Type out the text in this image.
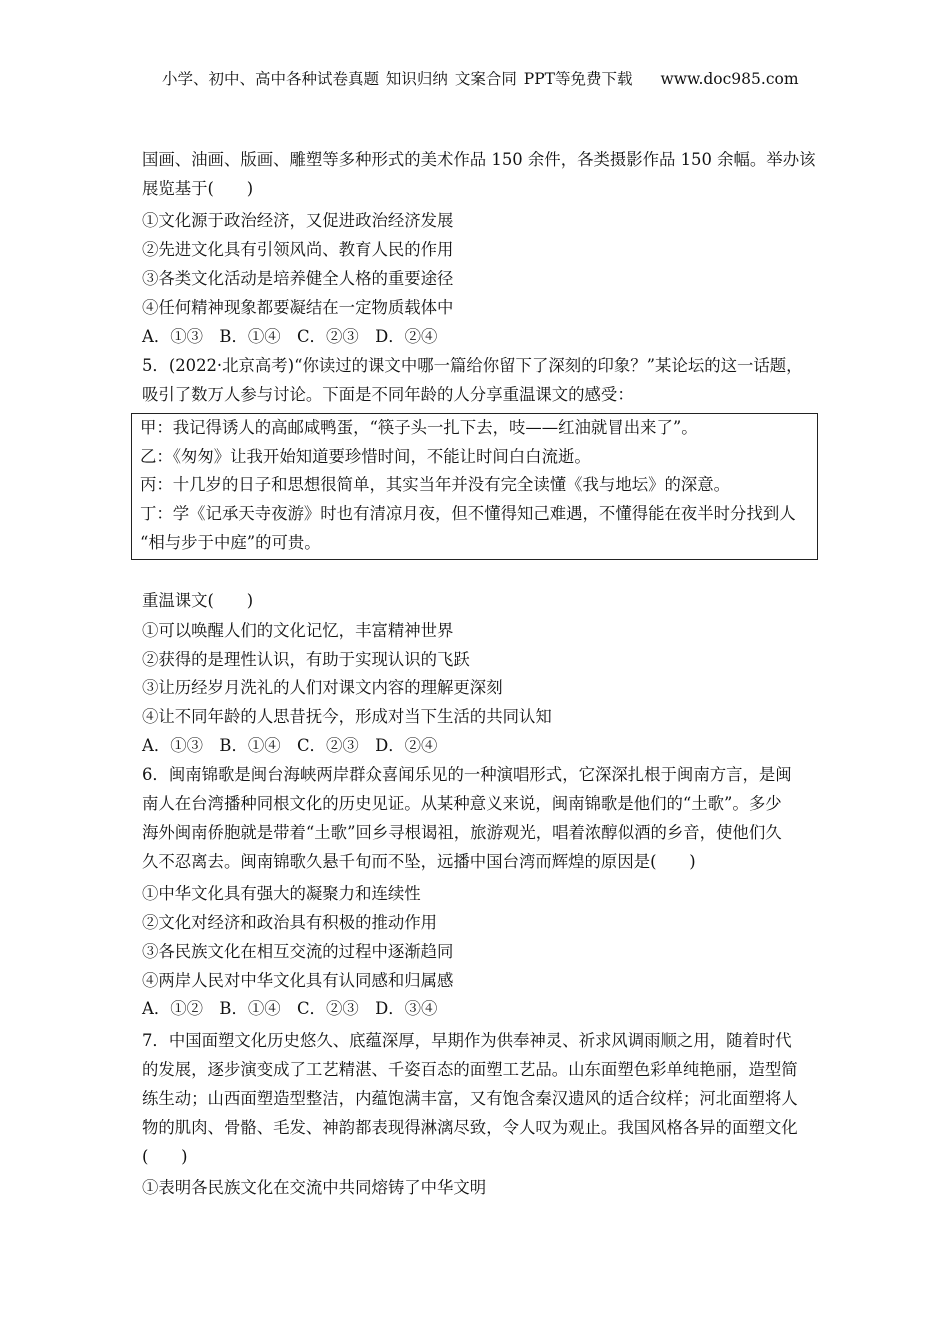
小学、初中、高中各种试卷真题 知识归纳 文案合同 PPT等免费下载 www.doc985.com
国画、油画、版画、雕塑等多种形式的美术作品 150 余件，各类摄影作品 150 余幅。举办该
展览基于(　　)
①文化源于政治经济，又促进政治经济发展
②先进文化具有引领风尚、教育人民的作用
③各类文化活动是培养健全人格的重要途径
④任何精神现象都要凝结在一定物质载体中
A．①③　B．①④　C．②③　D．②④
5．(2022·北京高考)“你读过的课文中哪一篇给你留下了深刻的印象？”某论坛的这一话题，
吸引了数万人参与讨论。下面是不同年龄的人分享重温课文的感受：
甲：我记得诱人的高邮咸鸭蛋，“筷子头一扎下去，吱——红油就冒出来了”。
乙：《匆匆》让我开始知道要珍惜时间，不能让时间白白流逝。
丙：十几岁的日子和思想很简单，其实当年并没有完全读懂《我与地坛》的深意。
丁：学《记承天寺夜游》时也有清凉月夜，但不懂得知己难遇，不懂得能在夜半时分找到人
“相与步于中庭”的可贵。
重温课文(　　)
①可以唤醒人们的文化记忆，丰富精神世界
②获得的是理性认识，有助于实现认识的飞跃
③让历经岁月洗礼的人们对课文内容的理解更深刻
④让不同年龄的人思昔抚今，形成对当下生活的共同认知
A．①③　B．①④　C．②③　D．②④
6．闽南锦歌是闽台海峡两岸群众喜闻乐见的一种演唱形式，它深深扎根于闽南方言，是闽
南人在台湾播种同根文化的历史见证。从某种意义来说，闽南锦歌是他们的“土歌”。多少
海外闽南侨胞就是带着“土歌”回乡寻根谒祖，旅游观光，唱着浓醇似酒的乡音，使他们久
久不忍离去。闽南锦歌久悬千旬而不坠，远播中国台湾而辉煌的原因是(　　)
①中华文化具有强大的凝聚力和连续性
②文化对经济和政治具有积极的推动作用
③各民族文化在相互交流的过程中逐渐趋同
④两岸人民对中华文化具有认同感和归属感
A．①②　B．①④　C．②③　D．③④
7．中国面塑文化历史悠久、底蕴深厚，早期作为供奉神灵、祈求风调雨顺之用，随着时代
的发展，逐步演变成了工艺精湛、千姿百态的面塑工艺品。山东面塑色彩单纯艳丽，造型简
练生动；山西面塑造型整洁，内蕴饱满丰富，又有饱含秦汉遗风的适合纹样；河北面塑将人
物的肌肉、骨骼、毛发、神韵都表现得淋漓尽致，令人叹为观止。我国风格各异的面塑文化
(　　)
①表明各民族文化在交流中共同熔铸了中华文明
